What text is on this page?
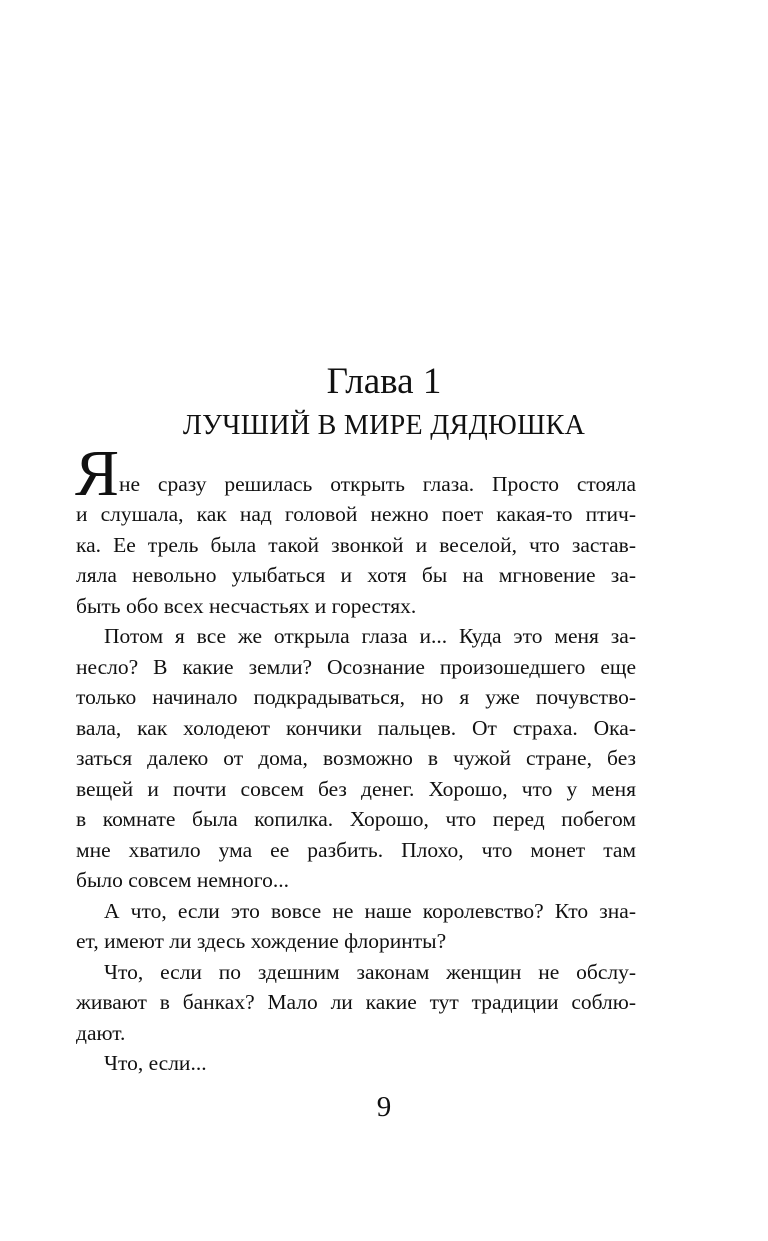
Глава 1
ЛУЧШИЙ В МИРЕ ДЯДЮШКА
Я не сразу решилась открыть глаза. Просто стояла
и слушала, как над головой нежно поет какая-то птич-
ка. Ее трель была такой звонкой и веселой, что застав-
ляла невольно улыбаться и хотя бы на мгновение за-
быть обо всех несчастьях и горестях.
Потом я все же открыла глаза и... Куда это меня за-
несло? В какие земли? Осознание произошедшего еще
только начинало подкрадываться, но я уже почувство-
вала, как холодеют кончики пальцев. От страха. Ока-
заться далеко от дома, возможно в чужой стране, без
вещей и почти совсем без денег. Хорошо, что у меня
в комнате была копилка. Хорошо, что перед побегом
мне хватило ума ее разбить. Плохо, что монет там
было совсем немного...
А что, если это вовсе не наше королевство? Кто зна-
ет, имеют ли здесь хождение флоринты?
Что, если по здешним законам женщин не обслу-
живают в банках? Мало ли какие тут традиции соблю-
дают.
Что, если...
9
